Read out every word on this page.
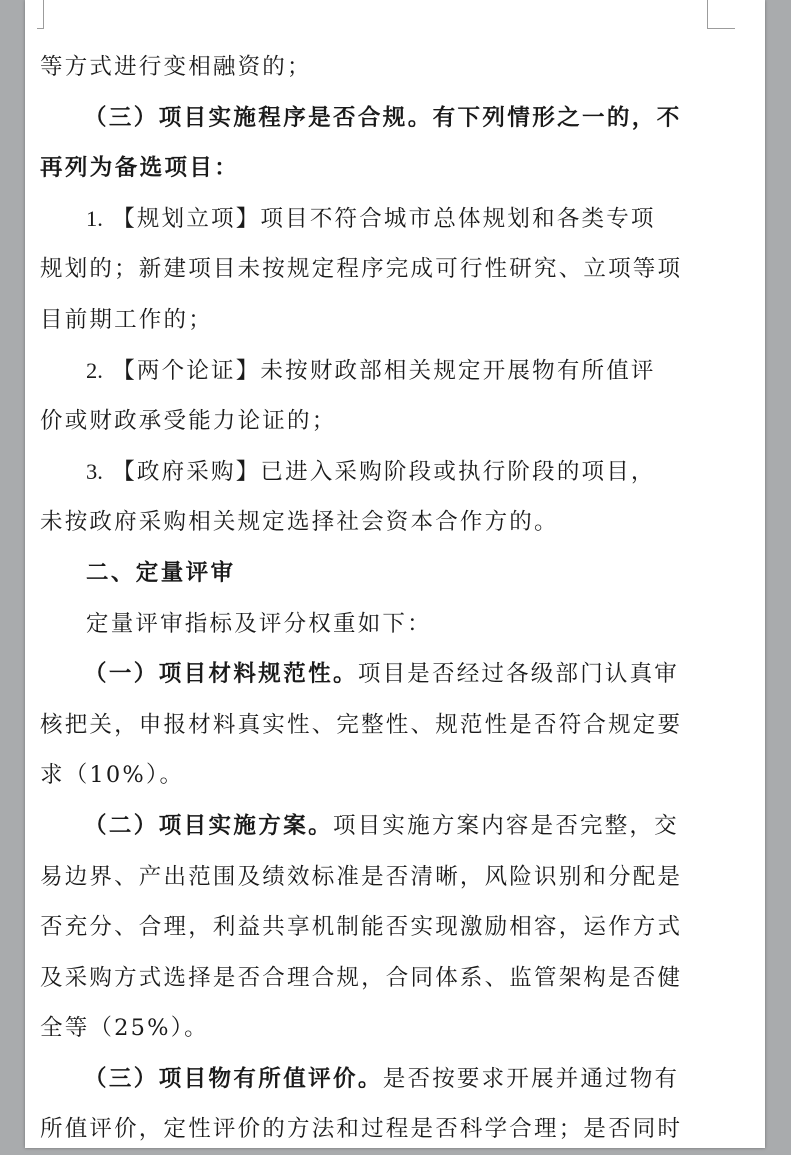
等方式进行变相融资的；
（三）项目实施程序是否合规。有下列情形之一的，不
再列为备选项目：
1. 【规划立项】项目不符合城市总体规划和各类专项
规划的；新建项目未按规定程序完成可行性研究、立项等项
目前期工作的；
2. 【两个论证】未按财政部相关规定开展物有所值评
价或财政承受能力论证的；
3. 【政府采购】已进入采购阶段或执行阶段的项目，
未按政府采购相关规定选择社会资本合作方的。
二、定量评审
定量评审指标及评分权重如下：
（一）项目材料规范性。项目是否经过各级部门认真审
核把关，申报材料真实性、完整性、规范性是否符合规定要
求（10%）。
（二）项目实施方案。项目实施方案内容是否完整，交
易边界、产出范围及绩效标准是否清晰，风险识别和分配是
否充分、合理，利益共享机制能否实现激励相容，运作方式
及采购方式选择是否合理合规，合同体系、监管架构是否健
全等（25%）。
（三）项目物有所值评价。是否按要求开展并通过物有
所值评价，定性评价的方法和过程是否科学合理；是否同时
